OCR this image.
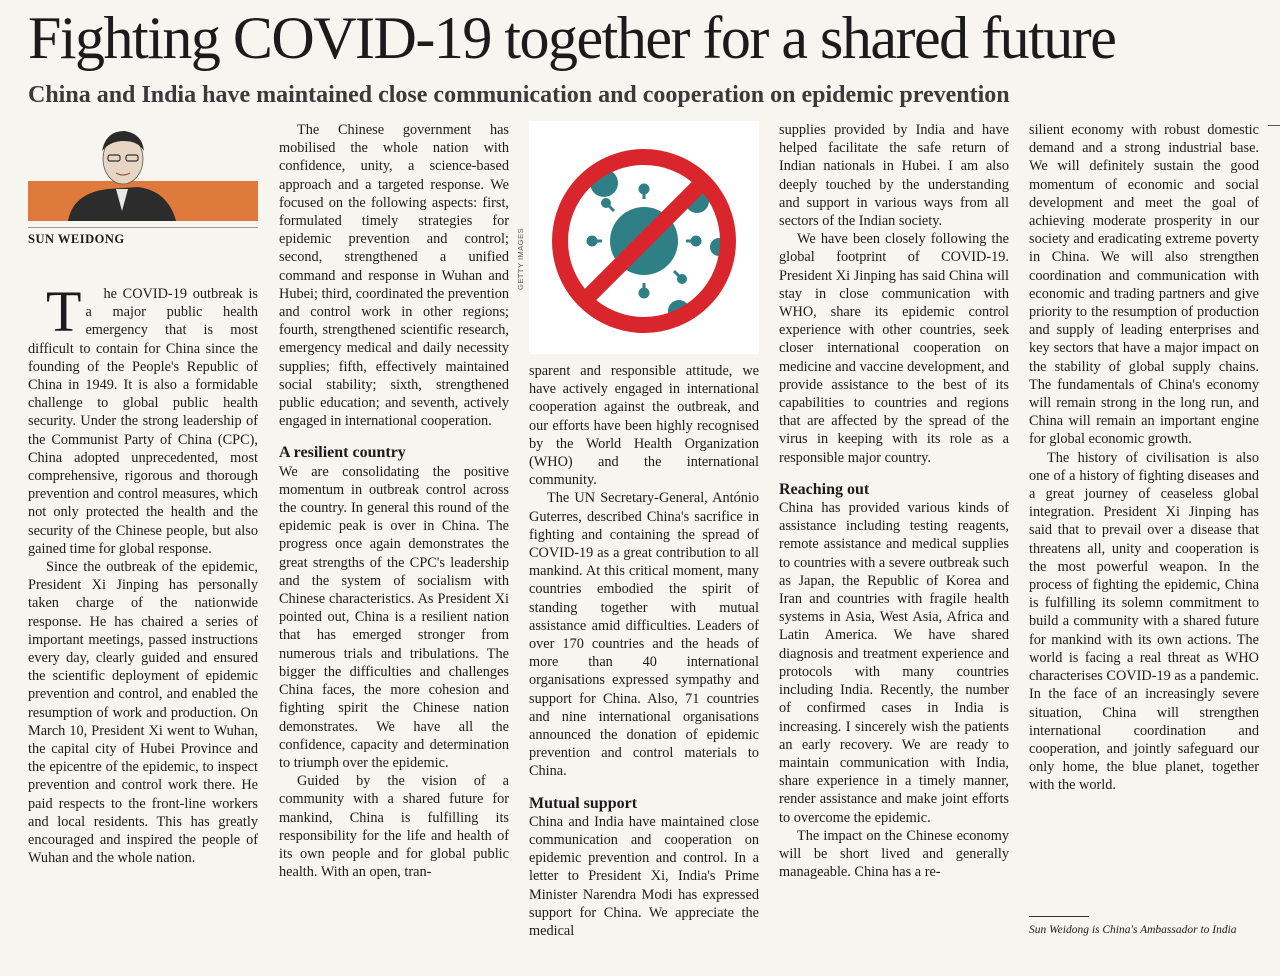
Fighting COVID-19 together for a shared future
China and India have maintained close communication and cooperation on epidemic prevention
SUN WEIDONG

T he COVID-19 outbreak is a major public health emergency that is most difficult to contain for China since the founding of the People's Republic of China in 1949. It is also a formidable challenge to global public health security. Under the strong leadership of the Communist Party of China (CPC), China adopted unprecedented, most comprehensive, rigorous and thorough prevention and control measures, which not only protected the health and the security of the Chinese people, but also gained time for global response.

Since the outbreak of the epidemic, President Xi Jinping has personally taken charge of the nationwide response. He has chaired a series of important meetings, passed instructions every day, clearly guided and ensured the scientific deployment of epidemic prevention and control, and enabled the resumption of work and production. On March 10, President Xi went to Wuhan, the capital city of Hubei Province and the epicentre of the epidemic, to inspect prevention and control work there. He paid respects to the front-line workers and local residents. This has greatly encouraged and inspired the people of Wuhan and the whole nation.

The Chinese government has mobilised the whole nation with confidence, unity, a science-based approach and a targeted response. We focused on the following aspects: first, formulated timely strategies for epidemic prevention and control; second, strengthened a unified command and response in Wuhan and Hubei; third, coordinated the prevention and control work in other regions; fourth, strengthened scientific research, emergency medical and daily necessity supplies; fifth, effectively maintained social stability; sixth, strengthened public education; and seventh, actively engaged in international cooperation.

A resilient country

We are consolidating the positive momentum in outbreak control across the country. In general this round of the epidemic peak is over in China. The progress once again demonstrates the great strengths of the CPC's leadership and the system of socialism with Chinese characteristics. As President Xi pointed out, China is a resilient nation that has emerged stronger from numerous trials and tribulations. The bigger the difficulties and challenges China faces, the more cohesion and fighting spirit the Chinese nation demonstrates. We have all the confidence, capacity and determination to triumph over the epidemic.

Guided by the vision of a community with a shared future for mankind, China is fulfilling its responsibility for the life and health of its own people and for global public health. With an open, tran-

GETTY IMAGES

sparent and responsible attitude, we have actively engaged in international cooperation against the outbreak, and our efforts have been highly recognised by the World Health Organization (WHO) and the international community.

The UN Secretary-General, António Guterres, described China's sacrifice in fighting and containing the spread of COVID-19 as a great contribution to all mankind. At this critical moment, many countries embodied the spirit of standing together with mutual assistance amid difficulties. Leaders of over 170 countries and the heads of more than 40 international organisations expressed sympathy and support for China. Also, 71 countries and nine international organisations announced the donation of epidemic prevention and control materials to China.

Mutual support

China and India have maintained close communication and cooperation on epidemic prevention and control. In a letter to President Xi, India's Prime Minister Narendra Modi has expressed support for China. We appreciate the medical

supplies provided by India and have helped facilitate the safe return of Indian nationals in Hubei. I am also deeply touched by the understanding and support in various ways from all sectors of the Indian society.

We have been closely following the global footprint of COVID-19. President Xi Jinping has said China will stay in close communication with WHO, share its epidemic control experience with other countries, seek closer international cooperation on medicine and vaccine development, and provide assistance to the best of its capabilities to countries and regions that are affected by the spread of the virus in keeping with its role as a responsible major country.

Reaching out

China has provided various kinds of assistance including testing reagents, remote assistance and medical supplies to countries with a severe outbreak such as Japan, the Republic of Korea and Iran and countries with fragile health systems in Asia, West Asia, Africa and Latin America. We have shared diagnosis and treatment experience and protocols with many countries including India. Recently, the number of confirmed cases in India is increasing. I sincerely wish the patients an early recovery. We are ready to maintain communication with India, share experience in a timely manner, render assistance and make joint efforts to overcome the epidemic.

The impact on the Chinese economy will be short lived and generally manageable. China has a re-

silient economy with robust domestic demand and a strong industrial base. We will definitely sustain the good momentum of economic and social development and meet the goal of achieving moderate prosperity in our society and eradicating extreme poverty in China. We will also strengthen coordination and communication with economic and trading partners and give priority to the resumption of production and supply of leading enterprises and key sectors that have a major impact on the stability of global supply chains. The fundamentals of China's economy will remain strong in the long run, and China will remain an important engine for global economic growth.

The history of civilisation is also one of a history of fighting diseases and a great journey of ceaseless global integration. President Xi Jinping has said that to prevail over a disease that threatens all, unity and cooperation is the most powerful weapon. In the process of fighting the epidemic, China is fulfilling its solemn commitment to build a community with a shared future for mankind with its own actions. The world is facing a real threat as WHO characterises COVID-19 as a pandemic. In the face of an increasingly severe situation, China will strengthen international coordination and cooperation, and jointly safeguard our only home, the blue planet, together with the world.

Sun Weidong is China's Ambassador to India
